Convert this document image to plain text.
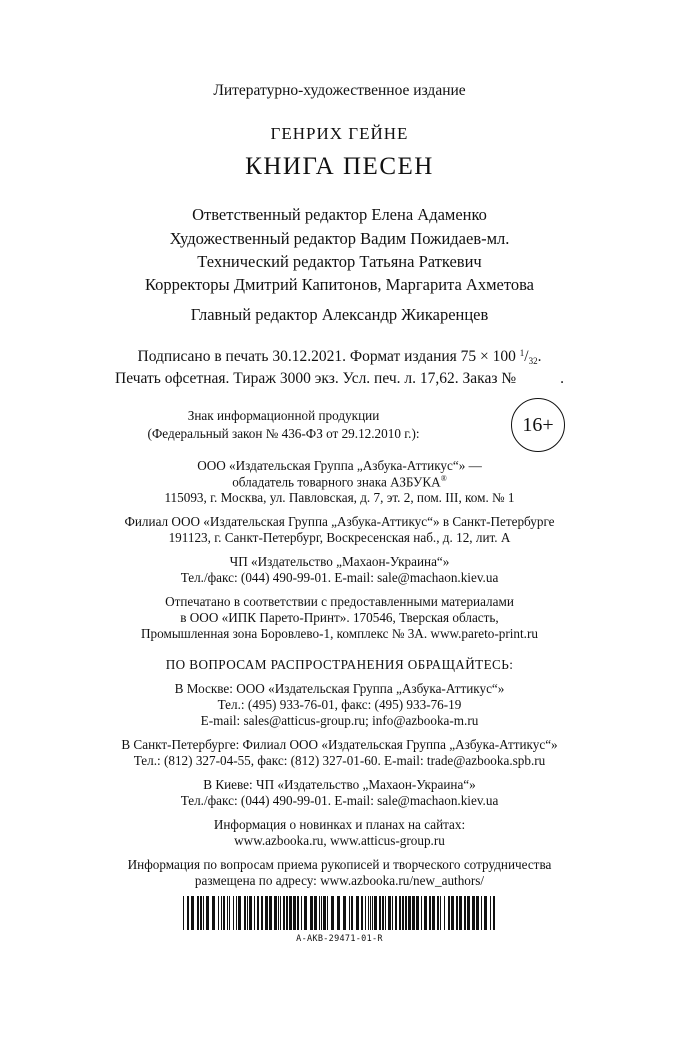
Литературно-художественное издание
ГЕНРИХ ГЕЙНЕ
КНИГА ПЕСЕН
Ответственный редактор Елена Адаменко
Художественный редактор Вадим Пожидаев-мл.
Технический редактор Татьяна Раткевич
Корректоры Дмитрий Капитонов, Маргарита Ахметова
Главный редактор Александр Жикаренцев
Подписано в печать 30.12.2021. Формат издания 75 × 100 $^1/_{32}$.
Печать офсетная. Тираж 3000 экз. Усл. печ. л. 17,62. Заказ №	.
Знак информационной продукции
(Федеральный закон № 436-ФЗ от 29.12.2010 г.):	16+
ООО «Издательская Группа „Азбука-Аттикус“» —
обладатель товарного знака АЗБУКА®
115093, г. Москва, ул. Павловская, д. 7, эт. 2, пом. III, ком. № 1
Филиал ООО «Издательская Группа „Азбука-Аттикус“» в Санкт-Петербурге
191123, г. Санкт-Петербург, Воскресенская наб., д. 12, лит. А
ЧП «Издательство „Махаон-Украина“»
Тел./факс: (044) 490-99-01. E-mail: sale@machaon.kiev.ua
Отпечатано в соответствии с предоставленными материалами
в ООО «ИПК Парето-Принт». 170546, Тверская область,
Промышленная зона Боровлево-1, комплекс № 3А. www.pareto-print.ru
ПО ВОПРОСАМ РАСПРОСТРАНЕНИЯ ОБРАЩАЙТЕСЬ:
В Москве: ООО «Издательская Группа „Азбука-Аттикус“»
Тел.: (495) 933-76-01, факс: (495) 933-76-19
E-mail: sales@atticus-group.ru; info@azbooka-m.ru
В Санкт-Петербурге: Филиал ООО «Издательская Группа „Азбука-Аттикус“»
Тел.: (812) 327-04-55, факс: (812) 327-01-60. E-mail: trade@azbooka.spb.ru
В Киеве: ЧП «Издательство „Махаон-Украина“»
Тел./факс: (044) 490-99-01. E-mail: sale@machaon.kiev.ua
Информация о новинках и планах на сайтах:
www.azbooka.ru, www.atticus-group.ru
Информация по вопросам приема рукописей и творческого сотрудничества
размещена по адресу: www.azbooka.ru/new_authors/
А-АКВ-29471-01-R
